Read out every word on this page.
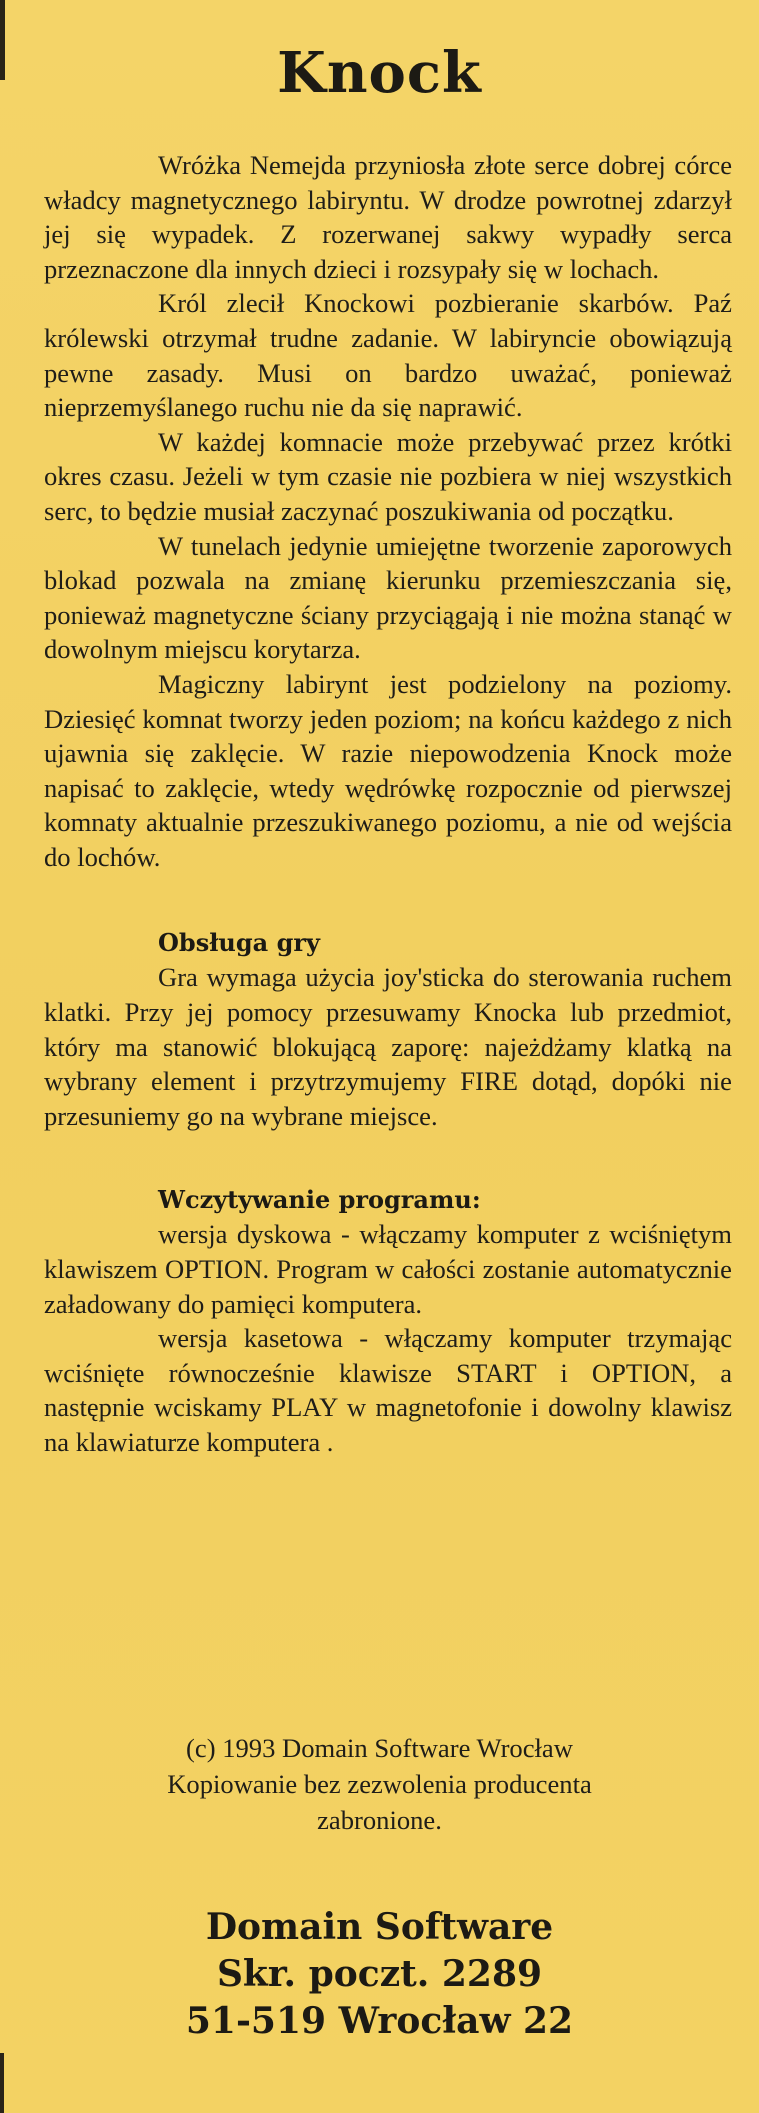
Knock

Wróżka Nemejda przyniosła złote serce dobrej córce władcy magnetycznego labiryntu. W drodze powrotnej zdarzył jej się wypadek. Z rozerwanej sakwy wypadły serca przeznaczone dla innych dzieci i rozsypały się w lochach.

Król zlecił Knockowi pozbieranie skarbów. Paź królewski otrzymał trudne zadanie. W labiryncie obowiązują pewne zasady. Musi on bardzo uważać, ponieważ nieprzemyślanego ruchu nie da się naprawić.

W każdej komnacie może przebywać przez krótki okres czasu. Jeżeli w tym czasie nie pozbiera w niej wszystkich serc, to będzie musiał zaczynać poszukiwania od początku.

W tunelach jedynie umiejętne tworzenie zaporowych blokad pozwala na zmianę kierunku przemieszczania się, ponieważ magnetyczne ściany przyciągają i nie można stanąć w dowolnym miejscu korytarza.

Magiczny labirynt jest podzielony na poziomy. Dziesięć komnat tworzy jeden poziom; na końcu każdego z nich ujawnia się zaklęcie. W razie niepowodzenia Knock może napisać to zaklęcie, wtedy wędrówkę rozpocznie od pierwszej komnaty aktualnie przeszukiwanego poziomu, a nie od wejścia do lochów.

Obsługa gry

Gra wymaga użycia joy'sticka do sterowania ruchem klatki. Przy jej pomocy przesuwamy Knocka lub przedmiot, który ma stanowić blokującą zaporę: najeżdżamy klatką na wybrany element i przytrzymujemy FIRE dotąd, dopóki nie przesuniemy go na wybrane miejsce.

Wczytywanie programu:

wersja dyskowa - włączamy komputer z wciśniętym klawiszem OPTION. Program w całości zostanie automatycznie załadowany do pamięci komputera.

wersja kasetowa - włączamy komputer trzymając wciśnięte równocześnie klawisze START i OPTION, a następnie wciskamy PLAY w magnetofonie i dowolny klawisz na klawiaturze komputera .

(c) 1993 Domain Software Wrocław
Kopiowanie bez zezwolenia producenta
zabronione.
Domain Software
Skr. poczt. 2289
51-519 Wrocław 22
